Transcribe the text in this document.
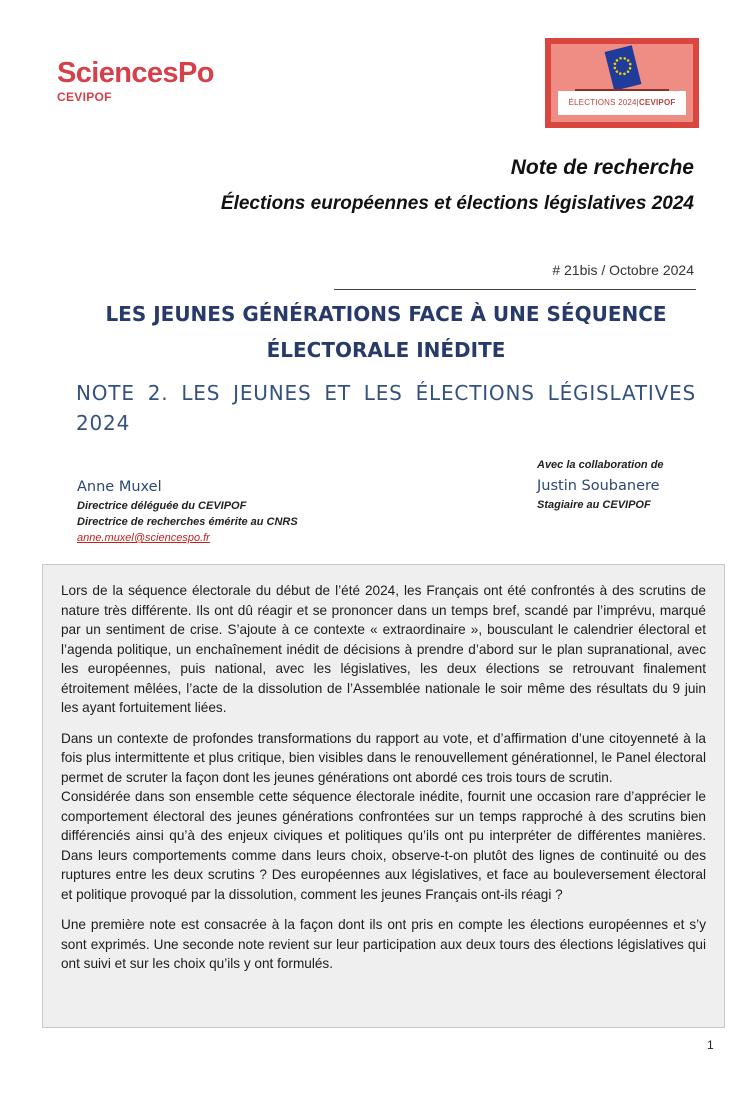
SciencesPo
CEVIPOF	ÉLECTIONS 2024|CEVIPOF
Note de recherche
Élections européennes et élections législatives 2024
# 21bis / Octobre 2024
LES JEUNES GÉNÉRATIONS FACE À UNE SÉQUENCE
ÉLECTORALE INÉDITE
NOTE 2. LES JEUNES ET LES ÉLECTIONS LÉGISLATIVES 2024
Anne Muxel
Directrice déléguée du CEVIPOF
Directrice de recherches émérite au CNRS
anne.muxel@sciencespo.fr
Avec la collaboration de
Justin Soubanere
Stagiaire au CEVIPOF

Lors de la séquence électorale du début de l’été 2024, les Français ont été confrontés à des scrutins de nature très différente. Ils ont dû réagir et se prononcer dans un temps bref, scandé par l’imprévu, marqué par un sentiment de crise. S’ajoute à ce contexte « extraordinaire », bousculant le calendrier électoral et l’agenda politique, un enchaînement inédit de décisions à prendre d’abord sur le plan supranational, avec les européennes, puis national, avec les législatives, les deux élections se retrouvant finalement étroitement mêlées, l’acte de la dissolution de l’Assemblée nationale le soir même des résultats du 9 juin les ayant fortuitement liées.

Dans un contexte de profondes transformations du rapport au vote, et d’affirmation d’une citoyenneté à la fois plus intermittente et plus critique, bien visibles dans le renouvellement générationnel, le Panel électoral permet de scruter la façon dont les jeunes générations ont abordé ces trois tours de scrutin.

Considérée dans son ensemble cette séquence électorale inédite, fournit une occasion rare d’apprécier le comportement électoral des jeunes générations confrontées sur un temps rapproché à des scrutins bien différenciés ainsi qu’à des enjeux civiques et politiques qu’ils ont pu interpréter de différentes manières. Dans leurs comportements comme dans leurs choix, observe-t-on plutôt des lignes de continuité ou des ruptures entre les deux scrutins ? Des européennes aux législatives, et face au bouleversement électoral et politique provoqué par la dissolution, comment les jeunes Français ont-ils réagi ?

Une première note est consacrée à la façon dont ils ont pris en compte les élections européennes et s’y sont exprimés. Une seconde note revient sur leur participation aux deux tours des élections législatives qui ont suivi et sur les choix qu’ils y ont formulés.

1
